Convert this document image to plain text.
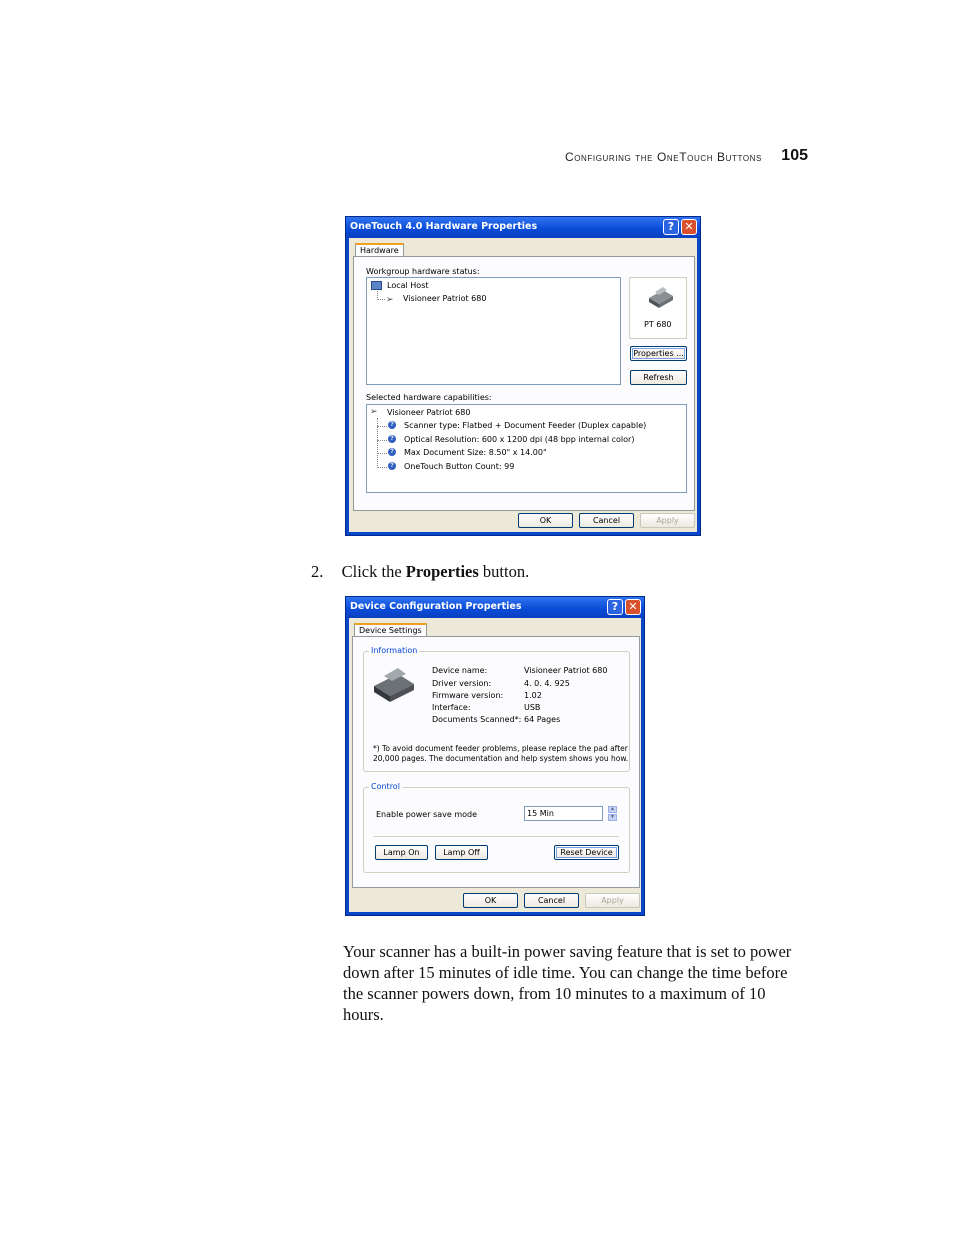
Configuring the OneTouch Buttons 105
OneTouch 4.0 Hardware Properties	? ✕
Hardware
Workgroup hardware status:
Local Host
➢ Visioneer Patriot 680
PT 680
Properties ...
Refresh
Selected hardware capabilities:
➢ Visioneer Patriot 680
? Scanner type: Flatbed + Document Feeder (Duplex capable)
? Optical Resolution: 600 x 1200 dpi (48 bpp internal color)
? Max Document Size: 8.50" x 14.00"
? OneTouch Button Count: 99
OK	Cancel	Apply
2. Click the Properties button.
Device Configuration Properties	? ✕
Device Settings
Information
Device name:	Visioneer Patriot 680
Driver version:	4. 0. 4. 925
Firmware version:	1.02
Interface:	USB
Documents Scanned*: 64 Pages
*) To avoid document feeder problems, please replace the pad after
20,000 pages. The documentation and help system shows you how.
Control
Enable power save mode	15 Min	▲
▼
Lamp On	Lamp Off	Reset Device
OK	Cancel	Apply
Your scanner has a built-in power saving feature that is set to power
down after 15 minutes of idle time. You can change the time before
the scanner powers down, from 10 minutes to a maximum of 10
hours.
